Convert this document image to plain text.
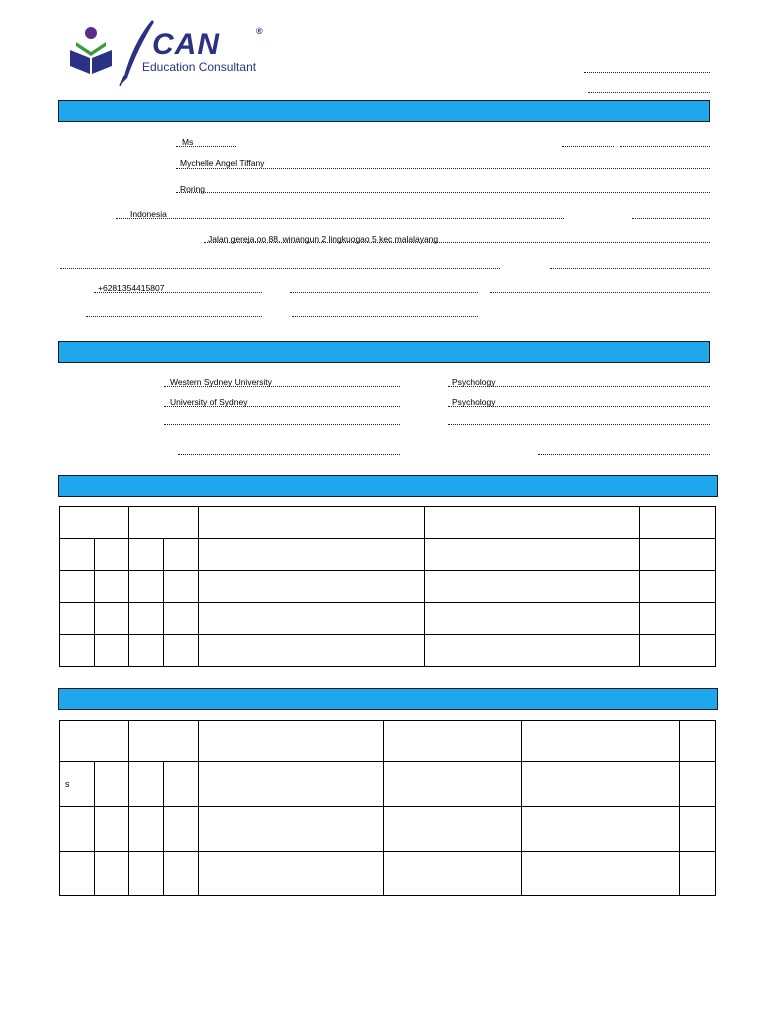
CAN	®
Education Consultant
Ms
Mychelle Angel Tiffany
Roring
Indonesia
Jalan gereja,oo 88, winangun 2 lingkuogao 5 kec malalayang
+6281354415807
Western Sydney University	Psychology
University of Sydney	Psychology

s							
